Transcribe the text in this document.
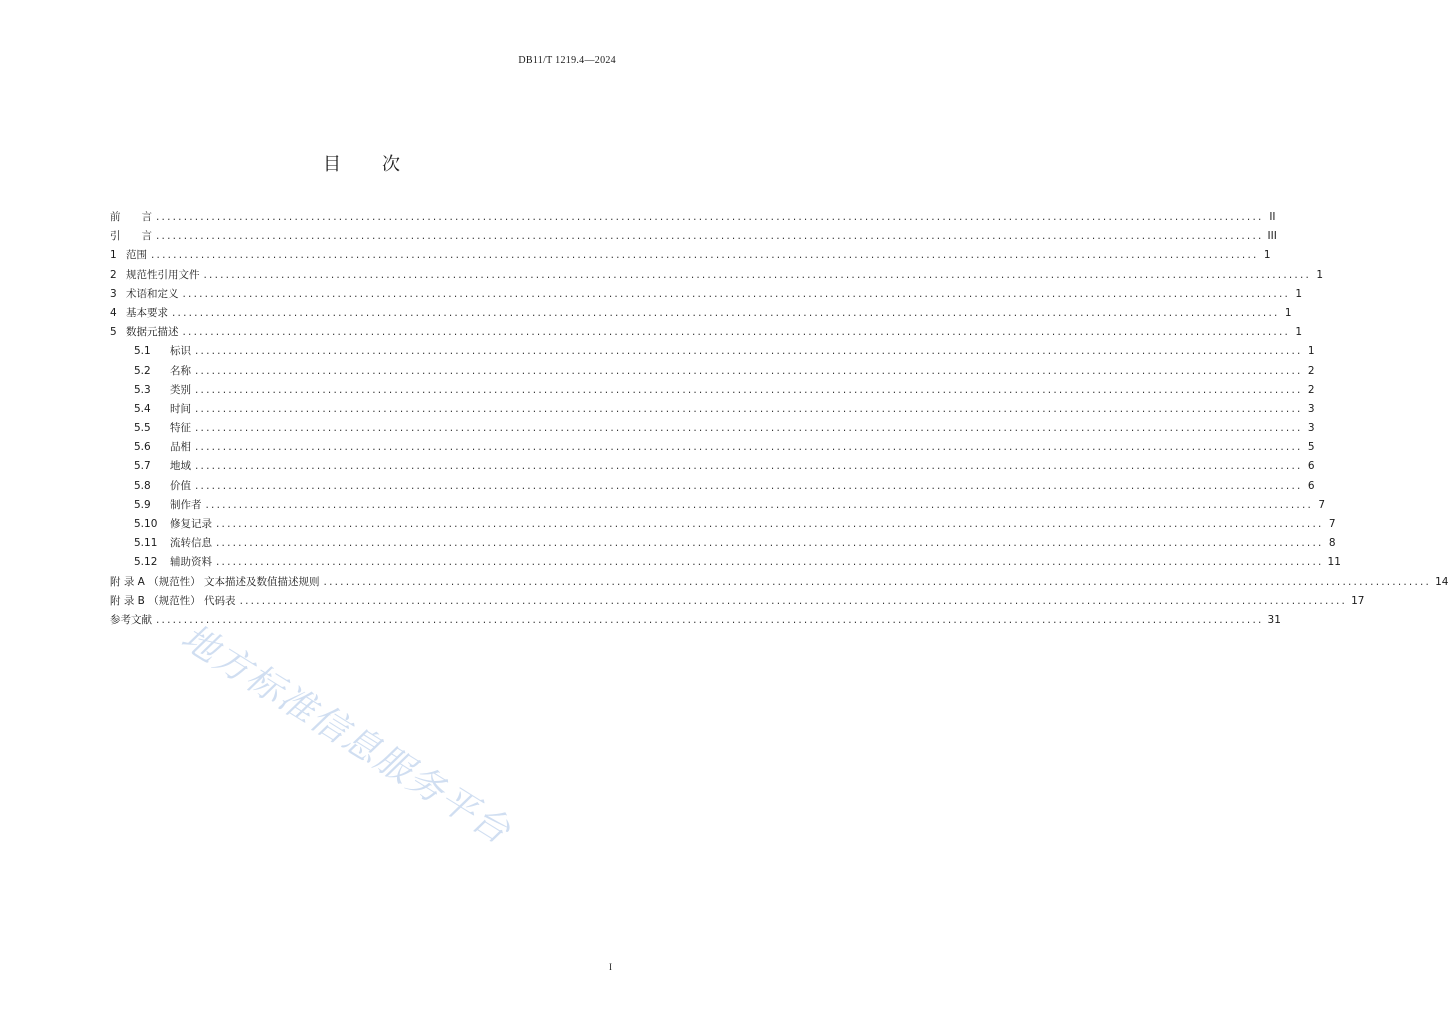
DB11/T 1219.4—2024
目 次
前　　言 ........................................................................................................................................................................................................ II
引　　言 ........................................................................................................................................................................................................ III
1 范围 ........................................................................................................................................................................................................ 1
2 规范性引用文件 ........................................................................................................................................................................................................ 1
3 术语和定义 ........................................................................................................................................................................................................ 1
4 基本要求 ........................................................................................................................................................................................................ 1
5 数据元描述 ........................................................................................................................................................................................................ 1
5.1 标识 ........................................................................................................................................................................................................ 1
5.2 名称 ........................................................................................................................................................................................................ 2
5.3 类别 ........................................................................................................................................................................................................ 2
5.4 时间 ........................................................................................................................................................................................................ 3
5.5 特征 ........................................................................................................................................................................................................ 3
5.6 品相 ........................................................................................................................................................................................................ 5
5.7 地域 ........................................................................................................................................................................................................ 6
5.8 价值 ........................................................................................................................................................................................................ 6
5.9 制作者 ........................................................................................................................................................................................................ 7
5.10 修复记录 ........................................................................................................................................................................................................ 7
5.11 流转信息 ........................................................................................................................................................................................................ 8
5.12 辅助资料 ........................................................................................................................................................................................................ 11
附 录 A （规范性） 文本描述及数值描述规则 ........................................................................................................................................................................................................ 14
附 录 B （规范性） 代码表 ........................................................................................................................................................................................................ 17
参考文献 ........................................................................................................................................................................................................ 31
地方标准信息服务平台
I
